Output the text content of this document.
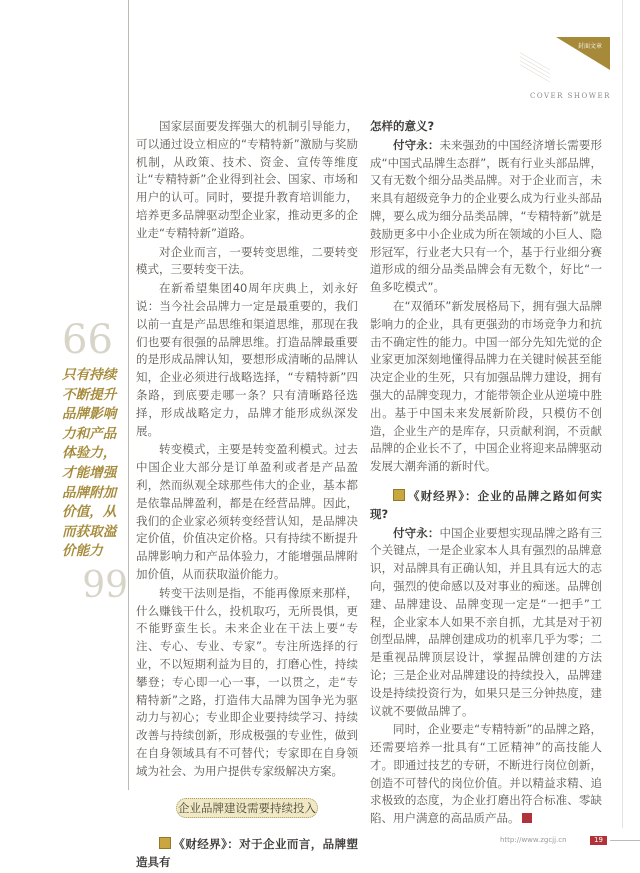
封面文章
COVER SHOWER
66
只有持续不断提升品牌影响力和产品体验力，才能增强品牌附加价值，从而获取溢价能力
99

国家层面要发挥强大的机制引导能力，可以通过设立相应的“专精特新”激励与奖励机制，从政策、技术、资金、宣传等维度让“专精特新”企业得到社会、国家、市场和用户的认可。同时，要提升教育培训能力，培养更多品牌驱动型企业家，推动更多的企业走“专精特新”道路。

对企业而言，一要转变思维，二要转变模式，三要转变干法。

在新希望集团40周年庆典上，刘永好说：当今社会品牌力一定是最重要的，我们以前一直是产品思维和渠道思维，那现在我们也要有很强的品牌思维。打造品牌最重要的是形成品牌认知，要想形成清晰的品牌认知，企业必须进行战略选择，“专精特新”四条路，到底要走哪一条？只有清晰路径选择，形成战略定力，品牌才能形成纵深发展。

转变模式，主要是转变盈利模式。过去中国企业大部分是订单盈利或者是产品盈利，然而纵观全球那些伟大的企业，基本都是依靠品牌盈利，都是在经营品牌。因此，我们的企业家必须转变经营认知，是品牌决定价值，价值决定价格。只有持续不断提升品牌影响力和产品体验力，才能增强品牌附加价值，从而获取溢价能力。

转变干法则是指，不能再像原来那样，什么赚钱干什么，投机取巧，无所畏惧，更不能野蛮生长。未来企业在干法上要“专注、专心、专业、专家”。专注所选择的行业，不以短期利益为目的，打磨心性，持续攀登；专心即一心一事，一以贯之，走“专精特新”之路，打造伟大品牌为国争光为驱动力与初心；专业即企业要持续学习、持续改善与持续创新，形成极强的专业性，做到在自身领域具有不可替代；专家即在自身领域为社会、为用户提供专家级解决方案。

企业品牌建设需要持续投入

《财经界》：对于企业而言，品牌塑造具有

怎样的意义?

付守永：未来强劲的中国经济增长需要形成“中国式品牌生态群”，既有行业头部品牌，又有无数个细分品类品牌。对于企业而言，未来具有超级竞争力的企业要么成为行业头部品牌，要么成为细分品类品牌，“专精特新”就是鼓励更多中小企业成为所在领域的小巨人、隐形冠军，行业老大只有一个，基于行业细分赛道形成的细分品类品牌会有无数个，好比“一鱼多吃模式”。

在“双循环”新发展格局下，拥有强大品牌影响力的企业，具有更强劲的市场竞争力和抗击不确定性的能力。中国一部分先知先觉的企业家更加深刻地懂得品牌力在关键时候甚至能决定企业的生死，只有加强品牌力建设，拥有强大的品牌变现力，才能带领企业从逆境中胜出。基于中国未来发展新阶段，只模仿不创造，企业生产的是库存，只贡献利润，不贡献品牌的企业长不了，中国企业将迎来品牌驱动发展大潮奔涌的新时代。

《财经界》：企业的品牌之路如何实现?

付守永：中国企业要想实现品牌之路有三个关键点，一是企业家本人具有强烈的品牌意识，对品牌具有正确认知，并且具有远大的志向，强烈的使命感以及对事业的痴迷。品牌创建、品牌建设、品牌变现一定是“一把手”工程，企业家本人如果不亲自抓，尤其是对于初创型品牌，品牌创建成功的机率几乎为零；二是重视品牌顶层设计，掌握品牌创建的方法论；三是企业对品牌建设的持续投入，品牌建设是持续投资行为，如果只是三分钟热度，建议就不要做品牌了。

同时，企业要走“专精特新”的品牌之路，还需要培养一批具有“工匠精神”的高技能人才。即通过技艺的专研，不断进行岗位创新，创造不可替代的岗位价值。并以精益求精、追求极致的态度，为企业打磨出符合标准、零缺陷、用户满意的高品质产品。

http://www.zgcjj.cn	19
